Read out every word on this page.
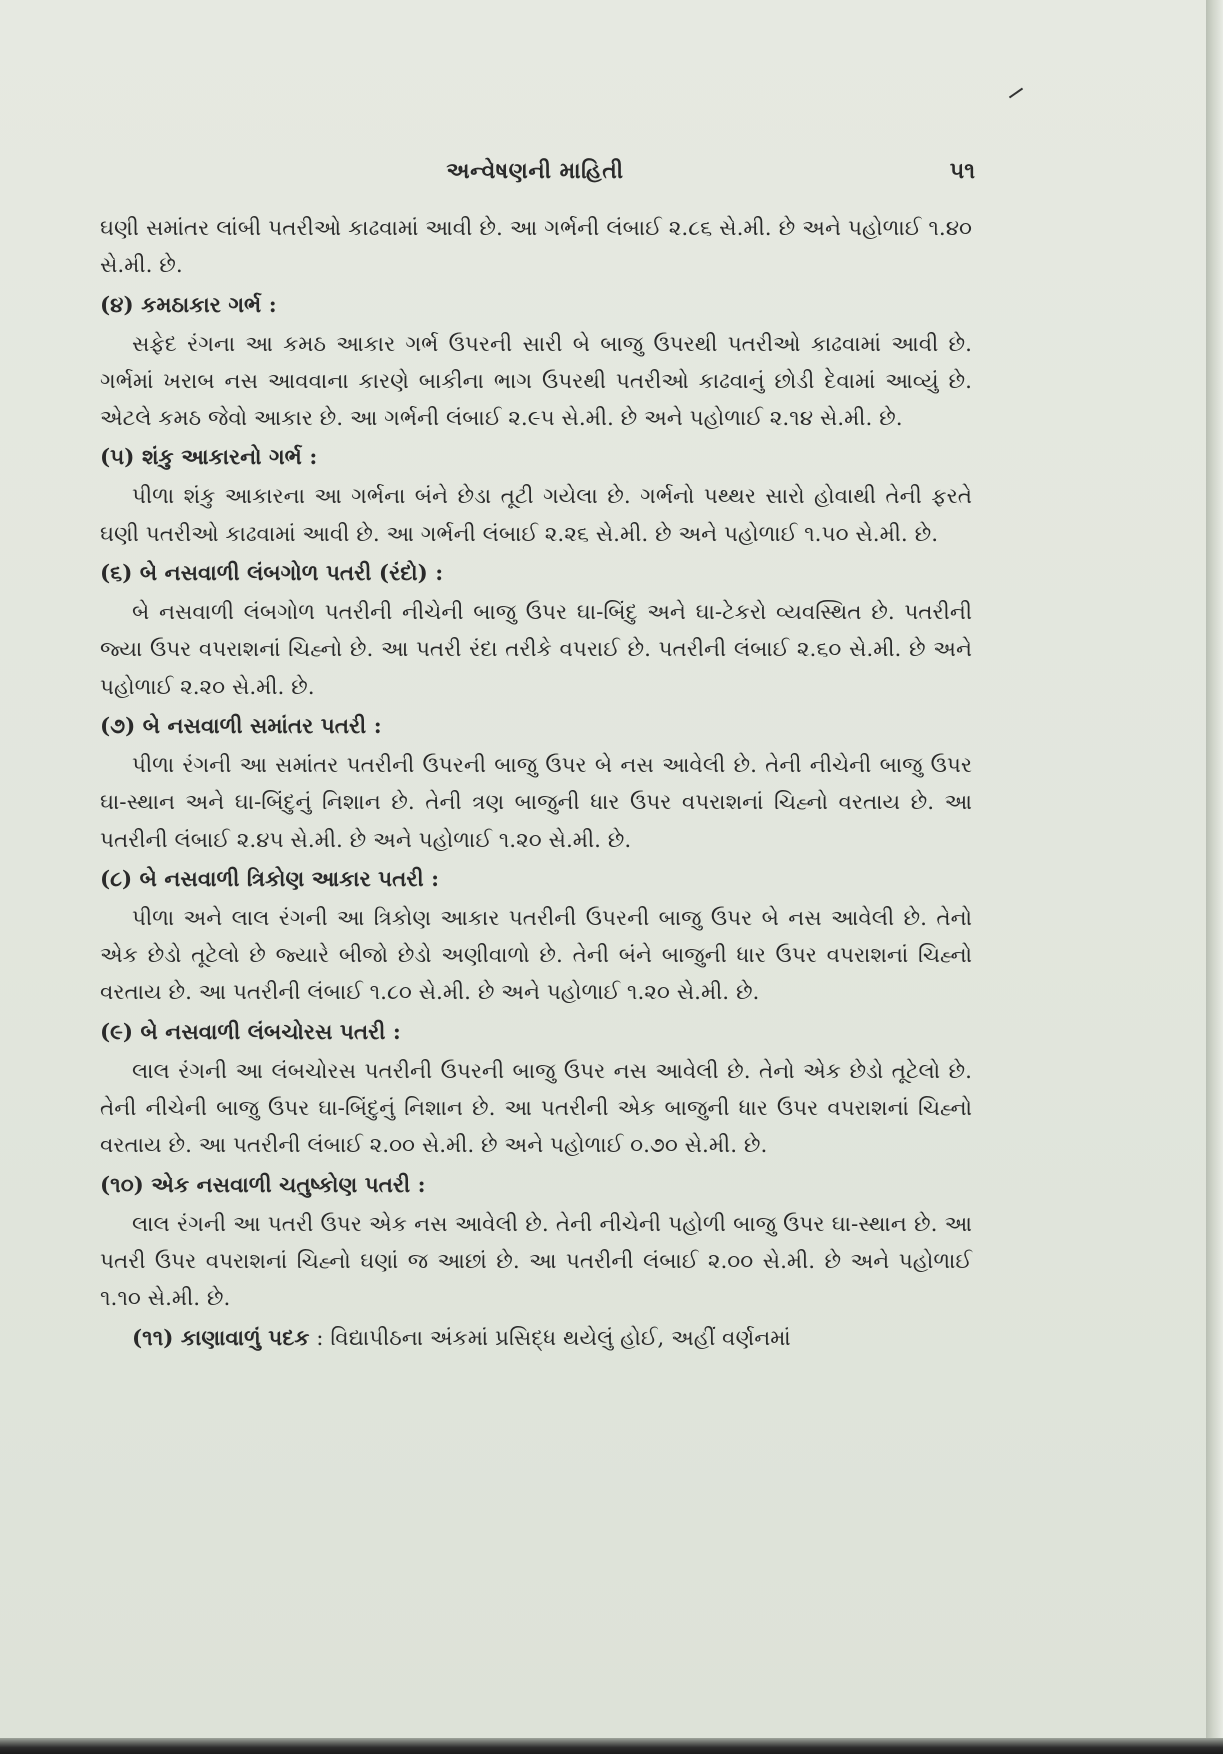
અન્વેષણની માહિતી	૫૧

ઘણી સમાંતર લાંબી પતરીઓ કાઢવામાં આવી છે. આ ગર્ભની લંબાઈ ૨.૮૬ સે.મી. છે અને પહોળાઈ ૧.૪૦ સે.મી. છે.

(૪) કમઠાકાર ગર્ભ :

સફેદ રંગના આ કમઠ આકાર ગર્ભ ઉપરની સારી બે બાજુ ઉપરથી પતરીઓ કાઢવામાં આવી છે. ગર્ભમાં ખરાબ નસ આવવાના કારણે બાકીના ભાગ ઉપરથી પતરીઓ કાઢવાનું છોડી દેવામાં આવ્યું છે. એટલે કમઠ જેવો આકાર છે. આ ગર્ભની લંબાઈ ૨.૯૫ સે.મી. છે અને પહોળાઈ ૨.૧૪ સે.મી. છે.

(૫) શંકુ આકારનો ગર્ભ :

પીળા શંકુ આકારના આ ગર્ભના બંને છેડા તૂટી ગયેલા છે. ગર્ભનો પથ્થર સારો હોવાથી તેની ફરતે ઘણી પતરીઓ કાઢવામાં આવી છે. આ ગર્ભની લંબાઈ ૨.૨૬ સે.મી. છે અને પહોળાઈ ૧.૫૦ સે.મી. છે.

(૬) બે નસવાળી લંબગોળ પતરી (રંદો) :

બે નસવાળી લંબગોળ પતરીની નીચેની બાજુ ઉપર ઘા-બિંદુ અને ઘા-ટેકરો વ્યવસ્થિત છે. પતરીની જ્યા ઉપર વપરાશનાં ચિહ્નો છે. આ પતરી રંદા તરીકે વપરાઈ છે. પતરીની લંબાઈ ૨.૬૦ સે.મી. છે અને પહોળાઈ ૨.૨૦ સે.મી. છે.

(૭) બે નસવાળી સમાંતર પતરી :

પીળા રંગની આ સમાંતર પતરીની ઉપરની બાજુ ઉપર બે નસ આવેલી છે. તેની નીચેની બાજુ ઉપર ઘા-સ્થાન અને ઘા-બિંદુનું નિશાન છે. તેની ત્રણ બાજુની ધાર ઉપર વપરાશનાં ચિહ્નો વરતાય છે. આ પતરીની લંબાઈ ૨.૪૫ સે.મી. છે અને પહોળાઈ ૧.૨૦ સે.મી. છે.

(૮) બે નસવાળી ત્રિકોણ આકાર પતરી :

પીળા અને લાલ રંગની આ ત્રિકોણ આકાર પતરીની ઉપરની બાજુ ઉપર બે નસ આવેલી છે. તેનો એક છેડો તૂટેલો છે જ્યારે બીજો છેડો અણીવાળો છે. તેની બંને બાજુની ધાર ઉપર વપરાશનાં ચિહ્નો વરતાય છે. આ પતરીની લંબાઈ ૧.૮૦ સે.મી. છે અને પહોળાઈ ૧.૨૦ સે.મી. છે.

(૯) બે નસવાળી લંબચોરસ પતરી :

લાલ રંગની આ લંબચોરસ પતરીની ઉપરની બાજુ ઉપર નસ આવેલી છે. તેનો એક છેડો તૂટેલો છે. તેની નીચેની બાજુ ઉપર ઘા-બિંદુનું નિશાન છે. આ પતરીની એક બાજુની ધાર ઉપર વપરાશનાં ચિહ્નો વરતાય છે. આ પતરીની લંબાઈ ૨.૦૦ સે.મી. છે અને પહોળાઈ ૦.૭૦ સે.મી. છે.

(૧૦) એક નસવાળી ચતુષ્કોણ પતરી :

લાલ રંગની આ પતરી ઉપર એક નસ આવેલી છે. તેની નીચેની પહોળી બાજુ ઉપર ઘા-સ્થાન છે. આ પતરી ઉપર વપરાશનાં ચિહ્નો ઘણાં જ આછાં છે. આ પતરીની લંબાઈ ૨.૦૦ સે.મી. છે અને પહોળાઈ ૧.૧૦ સે.મી. છે.

(૧૧) કાણાવાળું પદક : વિદ્યાપીઠના અંકમાં પ્રસિદ્ધ થયેલું હોઈ, અહીં વર્ણનમાં
